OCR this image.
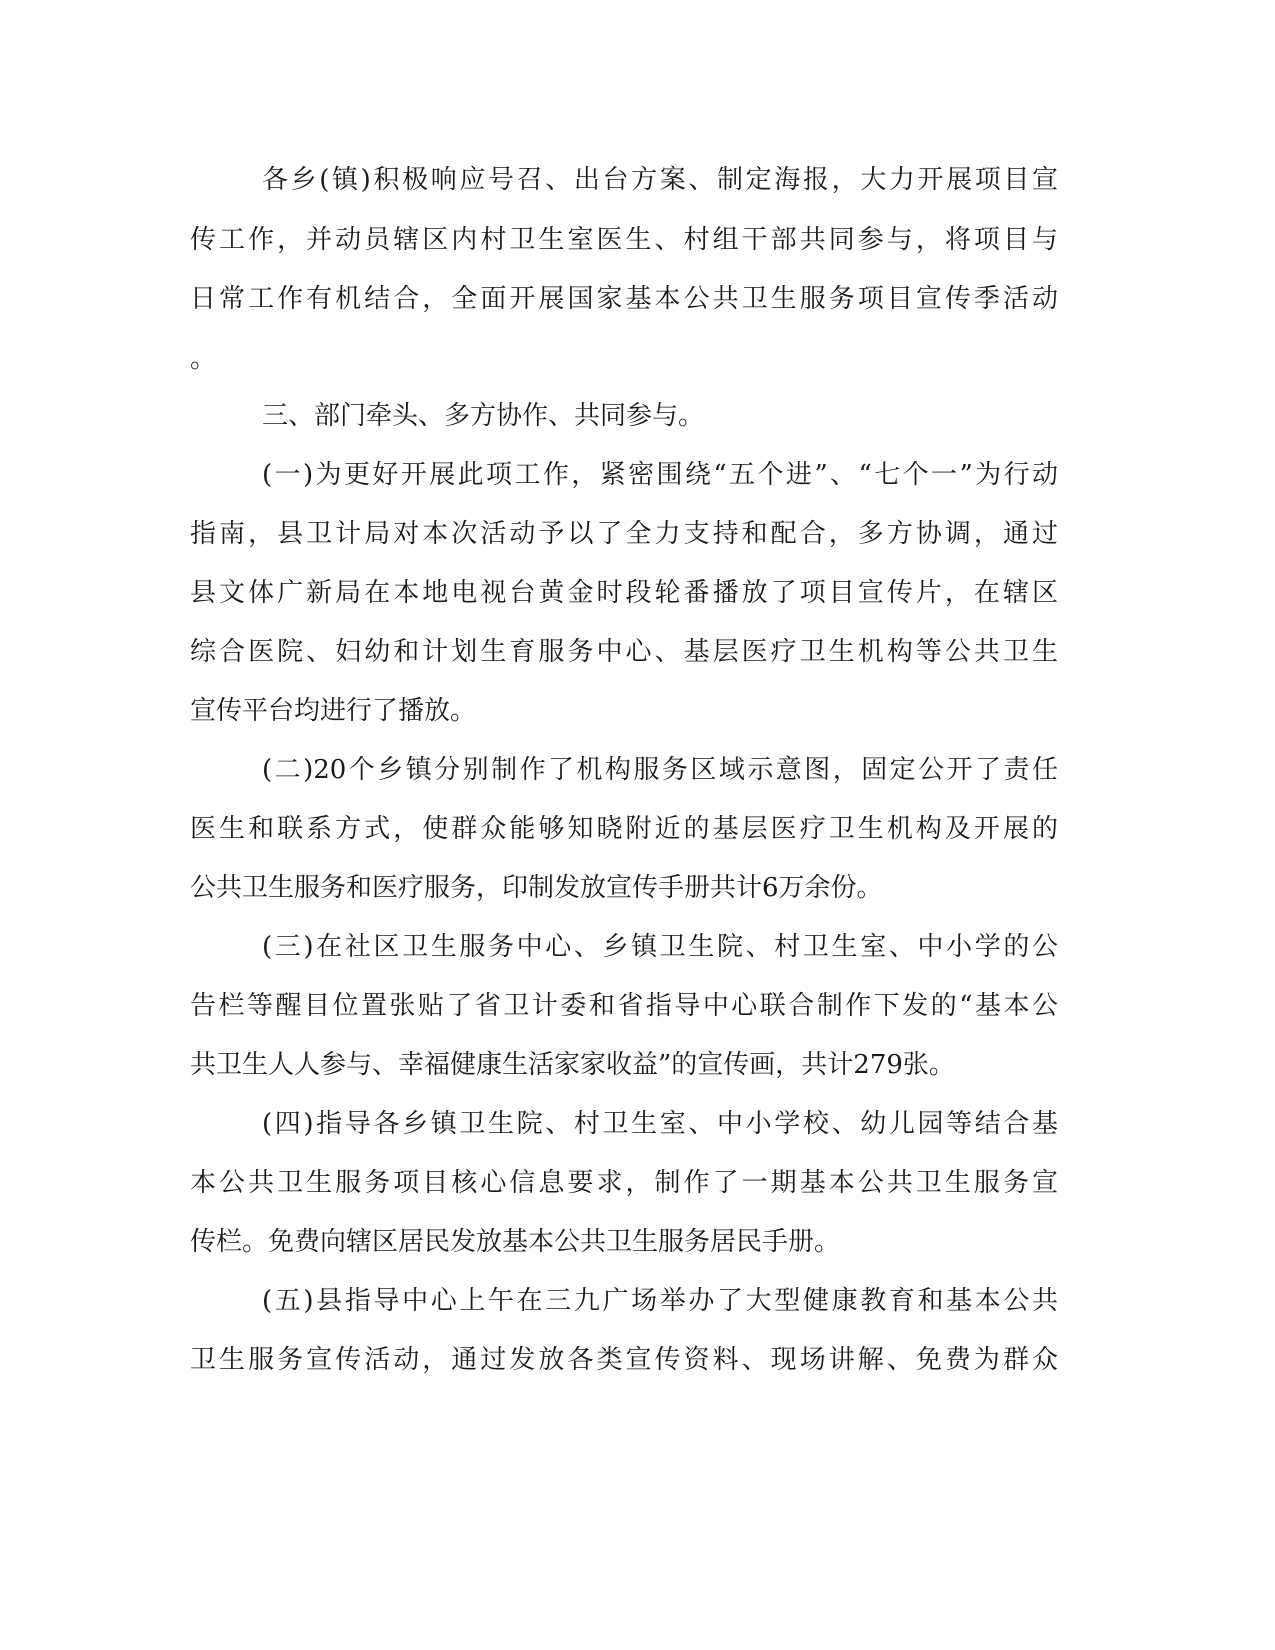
各乡(镇)积极响应号召、出台方案、制定海报，大力开展项目宣
传工作，并动员辖区内村卫生室医生、村组干部共同参与，将项目与
日常工作有机结合，全面开展国家基本公共卫生服务项目宣传季活动
。
三、部门牵头、多方协作、共同参与。
(一)为更好开展此项工作，紧密围绕“五个进”、“七个一”为行动
指南，县卫计局对本次活动予以了全力支持和配合，多方协调，通过
县文体广新局在本地电视台黄金时段轮番播放了项目宣传片，在辖区
综合医院、妇幼和计划生育服务中心、基层医疗卫生机构等公共卫生
宣传平台均进行了播放。
(二)20个乡镇分别制作了机构服务区域示意图，固定公开了责任
医生和联系方式，使群众能够知晓附近的基层医疗卫生机构及开展的
公共卫生服务和医疗服务，印制发放宣传手册共计6万余份。
(三)在社区卫生服务中心、乡镇卫生院、村卫生室、中小学的公
告栏等醒目位置张贴了省卫计委和省指导中心联合制作下发的“基本公
共卫生人人参与、幸福健康生活家家收益”的宣传画，共计279张。
(四)指导各乡镇卫生院、村卫生室、中小学校、幼儿园等结合基
本公共卫生服务项目核心信息要求，制作了一期基本公共卫生服务宣
传栏。免费向辖区居民发放基本公共卫生服务居民手册。
(五)县指导中心上午在三九广场举办了大型健康教育和基本公共
卫生服务宣传活动，通过发放各类宣传资料、现场讲解、免费为群众
